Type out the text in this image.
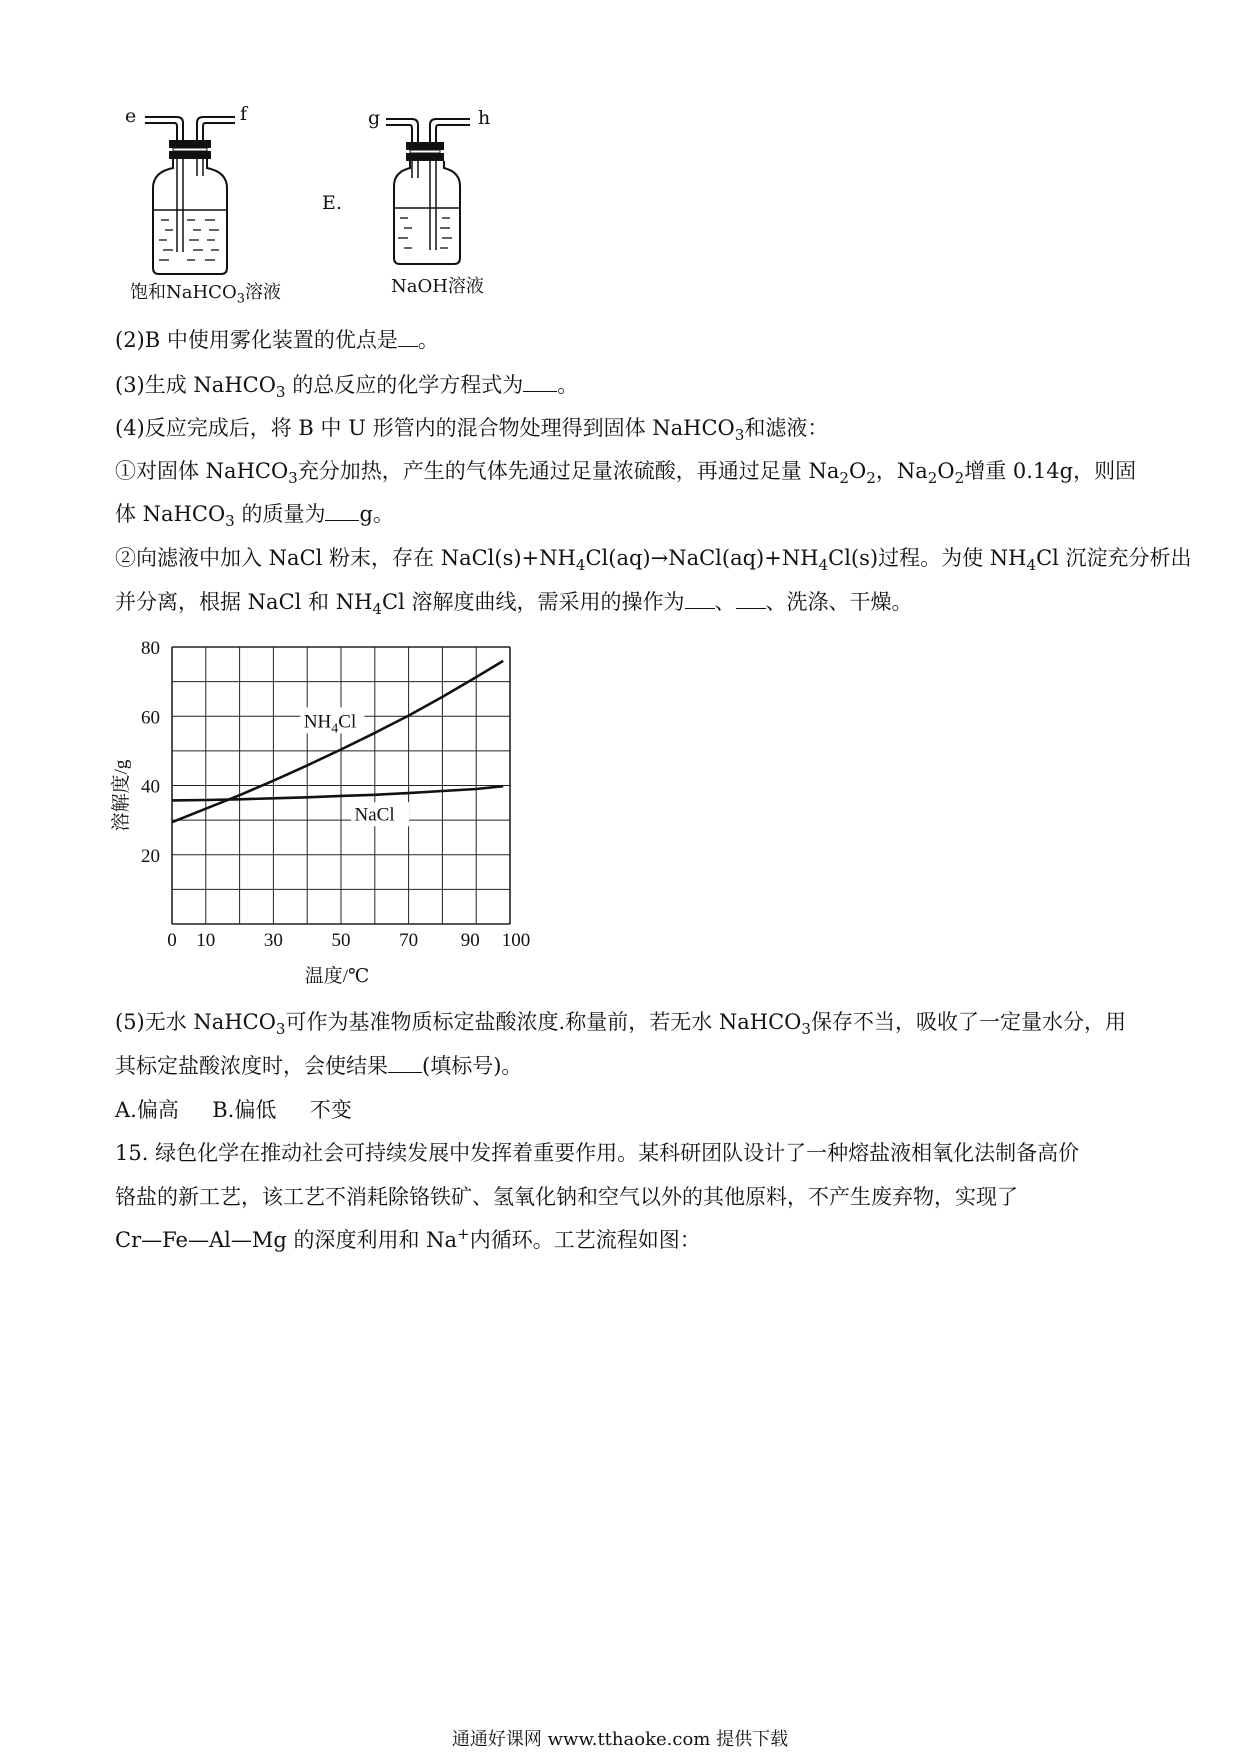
e	f
饱和NaHCO$_3$溶液
E.
g	h
NaOH溶液
(2)B 中使用雾化装置的优点是 。
(3)生成 NaHCO$_3$ 的总反应的化学方程式为 。
(4)反应完成后，将 B 中 U 形管内的混合物处理得到固体 NaHCO$_3$和滤液：
①对固体 NaHCO$_3$充分加热，产生的气体先通过足量浓硫酸，再通过足量 $Na_2O_2$，$Na_2O_2$增重 0.14g，则固
体 NaHCO$_3$ 的质量为 g。
②向滤液中加入 NaCl 粉末，存在 $NaCl(s)+NH_4Cl(aq)\to NaCl(aq)+NH_4Cl(s)$过程。为使 $NH_4Cl$ 沉淀充分析出
并分离，根据 NaCl 和 $NH_4Cl$ 溶解度曲线，需采用的操作为 、 、洗涤、干燥。
0 10	30	50	70 90 100
20
40
60
80
$NH_4Cl$
NaCl
溶解度/g
温度/℃
(5)无水 NaHCO$_3$可作为基准物质标定盐酸浓度.称量前，若无水 NaHCO$_3$保存不当，吸收了一定量水分，用
其标定盐酸浓度时，会使结果 (填标号)。
A.偏高     B.偏低     不变
15. 绿色化学在推动社会可持续发展中发挥着重要作用。某科研团队设计了一种熔盐液相氧化法制备高价
铬盐的新工艺，该工艺不消耗除铬铁矿、氢氧化钠和空气以外的其他原料，不产生废弃物，实现了
Cr—Fe—Al—Mg 的深度利用和 Na+内循环。工艺流程如图：
通通好课网 www.tthaoke.com 提供下载
